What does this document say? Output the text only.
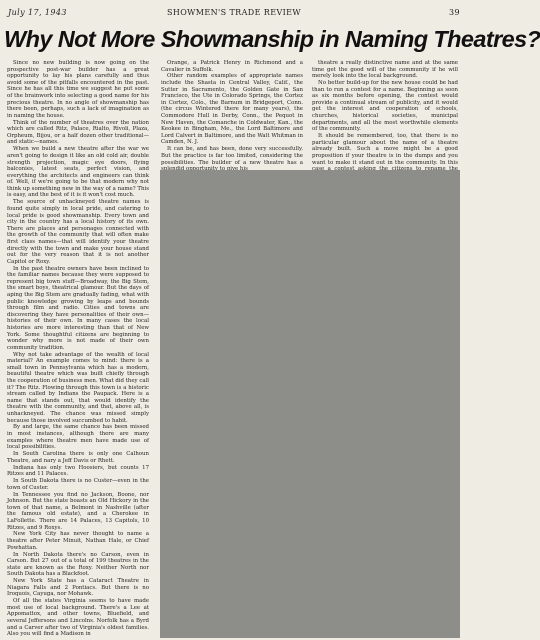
July 17, 1943	SHOWMEN'S TRADE REVIEW	39
Why Not More Showmanship in Naming Theatres?

Since no new building is now going on the prospective post-war builder has a great opportunity to lay his plans carefully and thus avoid some of the pitfalls encountered in the past. Since he has all this time we suggest he put some of the brainwork into selecting a good name for his precious theatre. In no angle of showmanship has there been, perhaps, such a lack of imagination as in naming the house.

Think of the number of theatres over the nation which are called Ritz, Palace, Rialto, Rivoli, Plaza, Orpheum, Bijou, or a half dozen other traditional—and static—names.

When we build a new theatre after the war we aren't going to design it like an old cold air, double strength projection, magic eye doors, flying balconies, latest seats, perfect vision, and everything the architects and engineers can think of. Well, if we're going to be that modern why not think up something new in the way of a name? This is easy, and the best of it is it won't cost much.

The source of unhackneyed theatre names is found quite simply in local pride, and catering to local pride is good showmanship. Every town and city in the country has a local history of its own. There are places and personages connected with the growth of the community that will often make first class names—that will identify your theatre directly with the town and make your house stand out for the very reason that it is not another Capitol or Roxy.

In the past theatre owners have been inclined to the familiar names because they were supposed to represent big town stuff—Broadway, the Big Stem, the smart boys, theatrical glamour. But the days of aping the Big Stem are gradually fading, what with public knowledge growing by leaps and bounds through film and radio. Cities and towns are discovering they have personalities of their own—histories of their own. In many cases the local histories are more interesting than that of New York. Some thoughtful citizens are beginning to wonder why more is not made of their own community tradition.

Why not take advantage of the wealth of local material? An example comes to mind: there is a small town in Pennsylvania which has a modern, beautiful theatre which was built chiefly through the cooperation of business men. What did they call it? The Ritz. Flowing through this town is a historic stream called by Indians the Paupack. Here is a name that stands out, that would identify the theatre with the community, and that, above all, is unhackneyed. The chance was missed simply because those involved succumbed to habit.

By and large, the same chance has been missed in most instances, although there are many examples where theatre men have made use of local possibilities.

In South Carolina there is only one Calhoun Theatre, and nary a Jeff Davis or Rhett.

Indiana has only two Hoosiers, but counts 17 Ritzes and 11 Palaces.

In South Dakota there is no Custer—even in the town of Custer.

In Tennessee you find no Jackson, Boone, nor Johnson. But the state boasts an Old Hickory in the town of that name, a Belmont in Nashville (after the famous old estate), and a Cherokee in LaFollette. There are 14 Palaces, 13 Capitols, 10 Ritzes, and 9 Roxys.

New York City has never thought to name a theatre after Peter Minuit, Nathan Hale, or Chief Powhattan.

In North Dakota there's no Carson, even in Carson. But 27 out of a total of 199 theatres in the state are known as the Roxy. Neither North nor South Dakota has a Blackfoot.

New York State has a Cataract Theatre in Niagara Falls and 2 Pontiacs. But there is no Iroquois, Cayuga, nor Mohawk.

Of all the states Virginia seems to have made most use of local background. There's a Lee at Appomattox, and other towns, Bluefield, and several Jeffersons and Lincolns. Norfolk has a Byrd and a Carver after two of Virginia's oldest families. Also you will find a Madison in

Orange, a Patrick Henry in Richmond and a Cavalier in Suffolk.

Other random examples of appropriate names include the Shasta in Central Valley, Calif., the Sutter in Sacramento, the Golden Gate in San Francisco, the Ute in Colorado Springs, the Cortez in Cortez, Colo., the Barnum in Bridgeport, Conn. (the circus Wintered there for many years), the Commodore Hull in Derby, Conn., the Pequot in New Haven, the Comanche in Coldwater, Kan., the Keokee in Bingham, Me., the Lord Baltimore and Lord Calvert in Baltimore, and the Walt Whitman in Camden, N. J.

It can be, and has been, done very successfully. But the practice is far too limited, considering the possibilities. The builder of a new theatre has a

theatre a really distinctive name and at the same time get the good will of the community if he will merely look into the local background.

No better build-up for the new house could be had than to run a contest for a name. Beginning as soon as six months before opening, the contest would provide a continual stream of publicity, and it would get the interest and cooperation of schools, churches, historical societies, municipal departments, and all the most worthwhile elements of the community.

It should be remembered, too, that there is no particular glamour about the name of a theatre already built. Such a move might be a good proposition if your theatre is in the dumps and you want to make it stand out in the community. In this
